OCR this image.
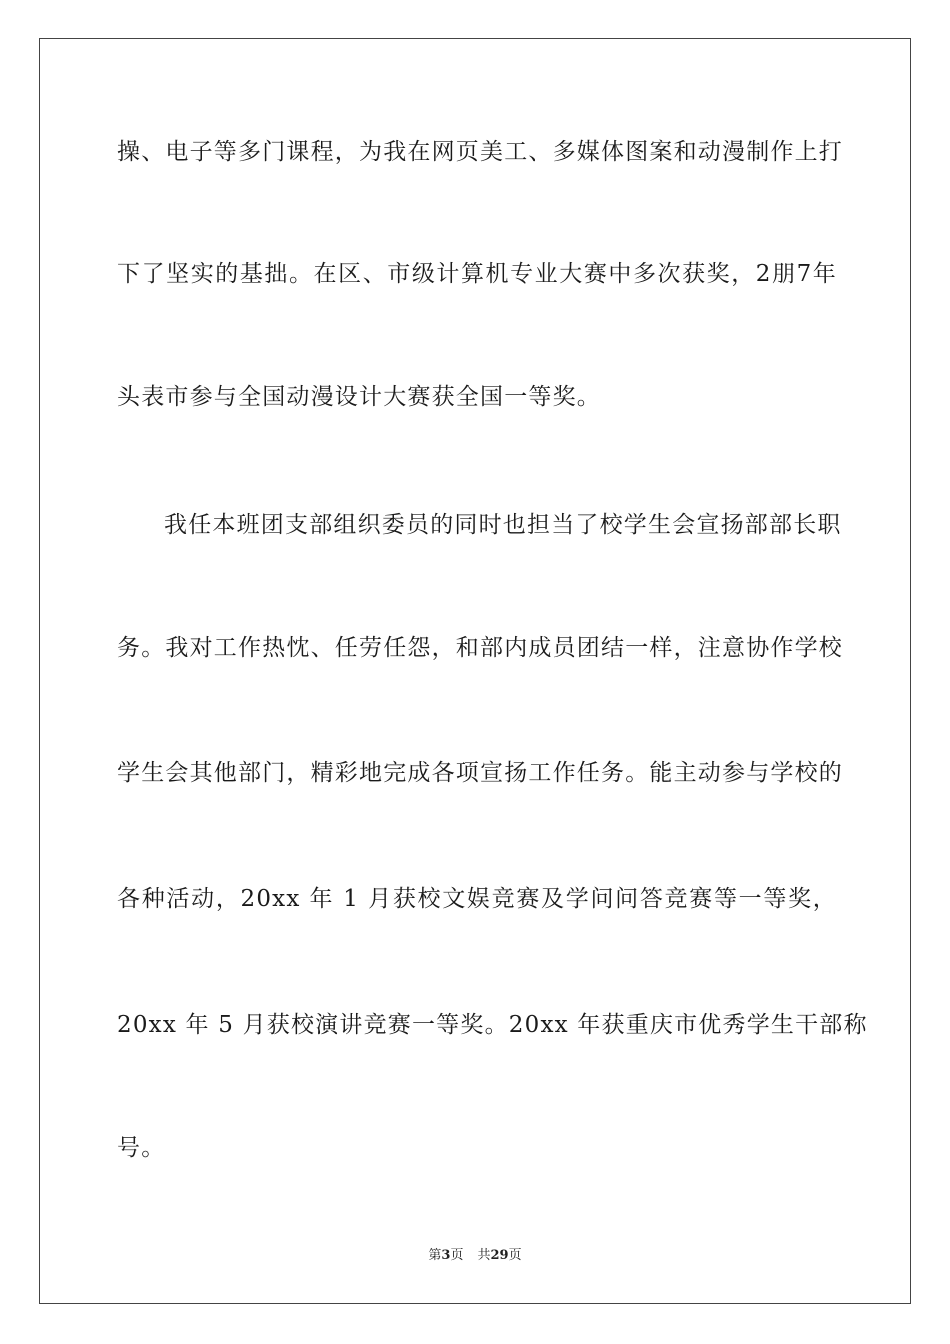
操、电子等多门课程，为我在网页美工、多媒体图案和动漫制作上打
下了坚实的基拙。在区、市级计算机专业大赛中多次获奖，2朋7年
头表市参与全国动漫设计大赛获全国一等奖。
我任本班团支部组织委员的同时也担当了校学生会宣扬部部长职
务。我对工作热忱、任劳任怨，和部内成员团结一样，注意协作学校
学生会其他部门，精彩地完成各项宣扬工作任务。能主动参与学校的
各种活动，20xx 年 1 月获校文娱竞赛及学问问答竞赛等一等奖，
20xx 年 5 月获校演讲竞赛一等奖。20xx 年获重庆市优秀学生干部称
号。
第3页 共29页
